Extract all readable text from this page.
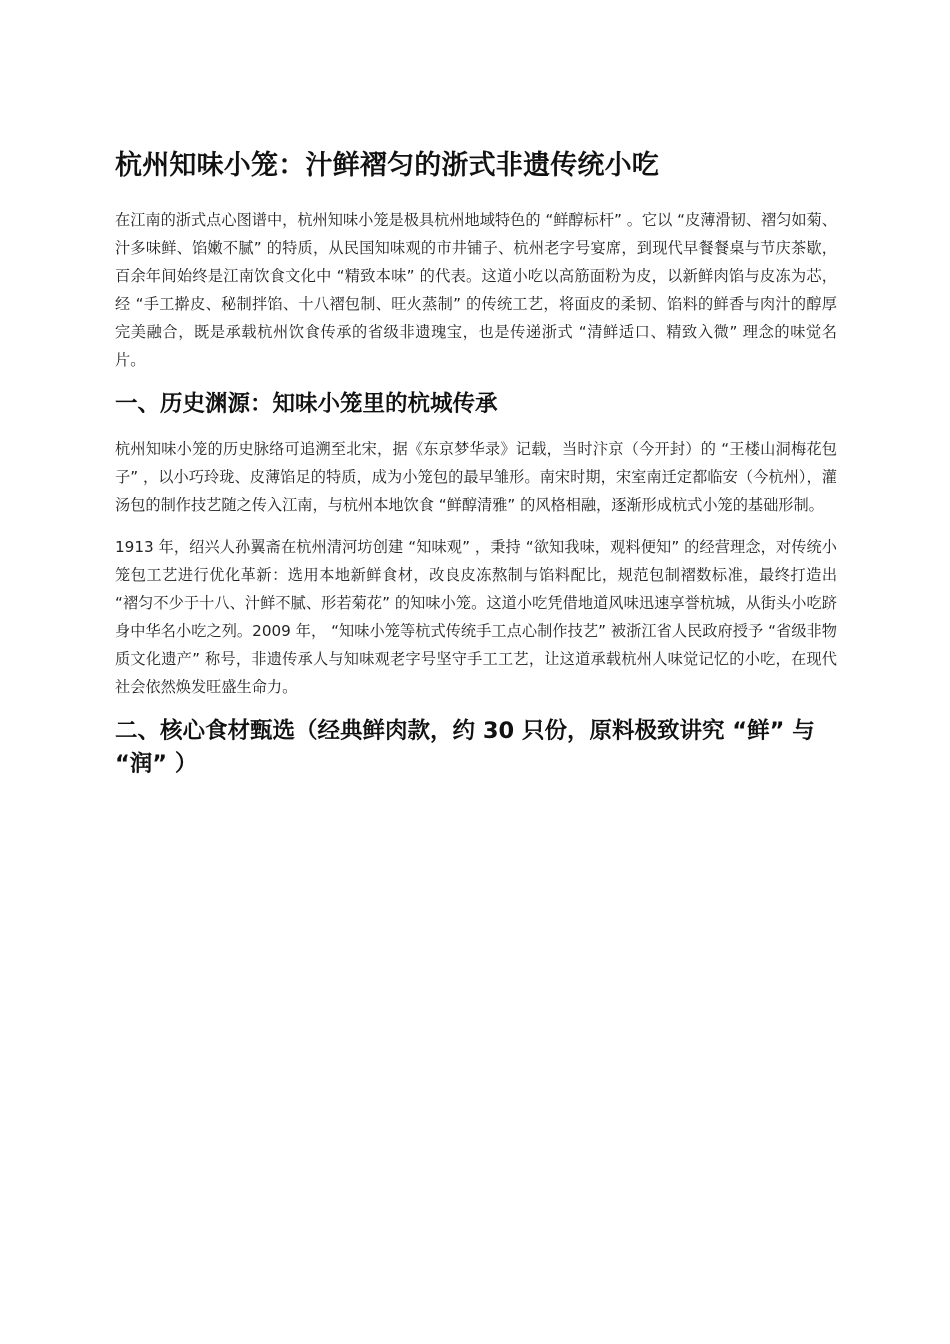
杭州知味小笼：汁鲜褶匀的浙式非遗传统小吃

在江南的浙式点心图谱中，杭州知味小笼是极具杭州地域特色的 “鲜醇标杆” 。它以 “皮薄滑韧、褶匀如菊、汁多味鲜、馅嫩不腻” 的特质，从民国知味观的市井铺子、杭州老字号宴席，到现代早餐餐桌与节庆茶歇，百余年间始终是江南饮食文化中 “精致本味” 的代表。这道小吃以高筋面粉为皮，以新鲜肉馅与皮冻为芯，经 “手工擀皮、秘制拌馅、十八褶包制、旺火蒸制” 的传统工艺，将面皮的柔韧、馅料的鲜香与肉汁的醇厚完美融合，既是承载杭州饮食传承的省级非遗瑰宝，也是传递浙式 “清鲜适口、精致入微” 理念的味觉名片。

一、历史渊源：知味小笼里的杭城传承

杭州知味小笼的历史脉络可追溯至北宋，据《东京梦华录》记载，当时汴京（今开封）的 “王楼山洞梅花包子” ，以小巧玲珑、皮薄馅足的特质，成为小笼包的最早雏形。南宋时期，宋室南迁定都临安（今杭州），灌汤包的制作技艺随之传入江南，与杭州本地饮食 “鲜醇清雅” 的风格相融，逐渐形成杭式小笼的基础形制。

1913 年，绍兴人孙翼斋在杭州清河坊创建 “知味观” ，秉持 “欲知我味，观料便知” 的经营理念，对传统小笼包工艺进行优化革新：选用本地新鲜食材，改良皮冻熬制与馅料配比，规范包制褶数标准，最终打造出 “褶匀不少于十八、汁鲜不腻、形若菊花” 的知味小笼。这道小吃凭借地道风味迅速享誉杭城，从街头小吃跻身中华名小吃之列。2009 年， “知味小笼等杭式传统手工点心制作技艺” 被浙江省人民政府授予 “省级非物质文化遗产” 称号，非遗传承人与知味观老字号坚守手工工艺，让这道承载杭州人味觉记忆的小吃，在现代社会依然焕发旺盛生命力。

二、核心食材甄选（经典鲜肉款，约 30 只份，原料极致讲究 “鲜” 与 “润” ）
